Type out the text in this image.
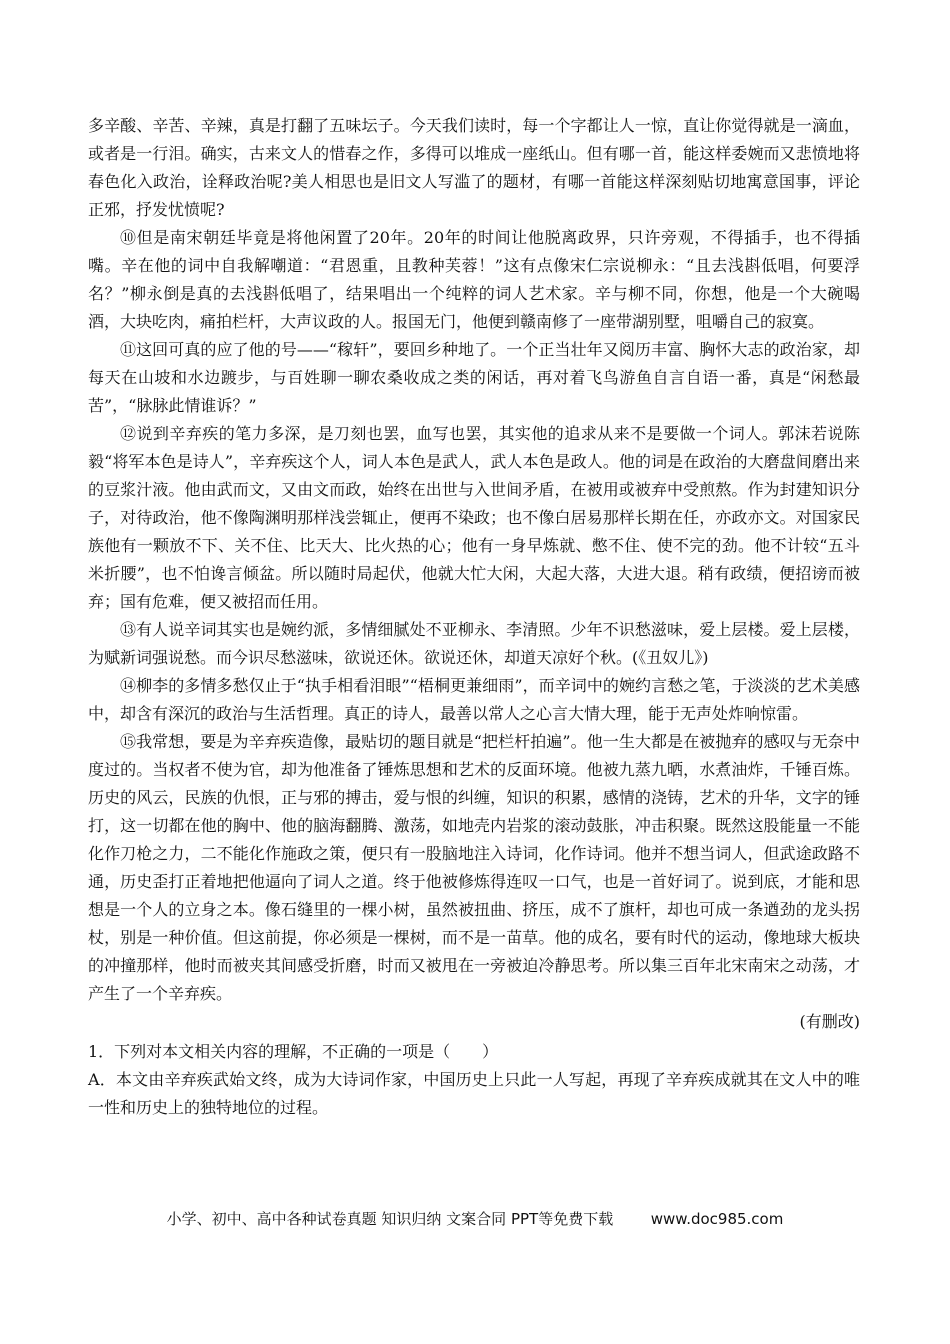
多辛酸、辛苦、辛辣，真是打翻了五味坛子。今天我们读时，每一个字都让人一惊，直让你觉得就是一滴血，或者是一行泪。确实，古来文人的惜春之作，多得可以堆成一座纸山。但有哪一首，能这样委婉而又悲愤地将春色化入政治，诠释政治呢?美人相思也是旧文人写滥了的题材，有哪一首能这样深刻贴切地寓意国事，评论正邪，抒发忧愤呢?

⑩但是南宋朝廷毕竟是将他闲置了20年。20年的时间让他脱离政界，只许旁观，不得插手，也不得插嘴。辛在他的词中自我解嘲道：“君恩重，且教种芙蓉！”这有点像宋仁宗说柳永：“且去浅斟低唱，何要浮名？”柳永倒是真的去浅斟低唱了，结果唱出一个纯粹的词人艺术家。辛与柳不同，你想，他是一个大碗喝酒，大块吃肉，痛拍栏杆，大声议政的人。报国无门，他便到赣南修了一座带湖别墅，咀嚼自己的寂寞。

⑪这回可真的应了他的号——“稼轩”，要回乡种地了。一个正当壮年又阅历丰富、胸怀大志的政治家，却每天在山坡和水边踱步，与百姓聊一聊农桑收成之类的闲话，再对着飞鸟游鱼自言自语一番，真是“闲愁最苦”，“脉脉此情谁诉？”

⑫说到辛弃疾的笔力多深，是刀刻也罢，血写也罢，其实他的追求从来不是要做一个词人。郭沫若说陈毅“将军本色是诗人”，辛弃疾这个人，词人本色是武人，武人本色是政人。他的词是在政治的大磨盘间磨出来的豆浆汁液。他由武而文，又由文而政，始终在出世与入世间矛盾，在被用或被弃中受煎熬。作为封建知识分子，对待政治，他不像陶渊明那样浅尝辄止，便再不染政；也不像白居易那样长期在任，亦政亦文。对国家民族他有一颗放不下、关不住、比天大、比火热的心；他有一身早炼就、憋不住、使不完的劲。他不计较“五斗米折腰”，也不怕谗言倾盆。所以随时局起伏，他就大忙大闲，大起大落，大进大退。稍有政绩，便招谤而被弃；国有危难，便又被招而任用。

⑬有人说辛词其实也是婉约派，多情细腻处不亚柳永、李清照。少年不识愁滋味，爱上层楼。爱上层楼，为赋新词强说愁。而今识尽愁滋味，欲说还休。欲说还休，却道天凉好个秋。(《丑奴儿》)

⑭柳李的多情多愁仅止于“执手相看泪眼”“梧桐更兼细雨”，而辛词中的婉约言愁之笔，于淡淡的艺术美感中，却含有深沉的政治与生活哲理。真正的诗人，最善以常人之心言大情大理，能于无声处炸响惊雷。

⑮我常想，要是为辛弃疾造像，最贴切的题目就是“把栏杆拍遍”。他一生大都是在被抛弃的感叹与无奈中度过的。当权者不使为官，却为他准备了锤炼思想和艺术的反面环境。他被九蒸九晒，水煮油炸，千锤百炼。历史的风云，民族的仇恨，正与邪的搏击，爱与恨的纠缠，知识的积累，感情的浇铸，艺术的升华，文字的锤打，这一切都在他的胸中、他的脑海翻腾、激荡，如地壳内岩浆的滚动鼓胀，冲击积聚。既然这股能量一不能化作刀枪之力，二不能化作施政之策，便只有一股脑地注入诗词，化作诗词。他并不想当词人，但武途政路不通，历史歪打正着地把他逼向了词人之道。终于他被修炼得连叹一口气，也是一首好词了。说到底，才能和思想是一个人的立身之本。像石缝里的一棵小树，虽然被扭曲、挤压，成不了旗杆，却也可成一条遒劲的龙头拐杖，别是一种价值。但这前提，你必须是一棵树，而不是一苗草。他的成名，要有时代的运动，像地球大板块的冲撞那样，他时而被夹其间感受折磨，时而又被甩在一旁被迫冷静思考。所以集三百年北宋南宋之动荡，才产生了一个辛弃疾。

(有删改)

1．下列对本文相关内容的理解，不正确的一项是（　　）

A．本文由辛弃疾武始文终，成为大诗词作家，中国历史上只此一人写起，再现了辛弃疾成就其在文人中的唯一性和历史上的独特地位的过程。

小学、初中、高中各种试卷真题 知识归纳 文案合同 PPT等免费下载	www.doc985.com
